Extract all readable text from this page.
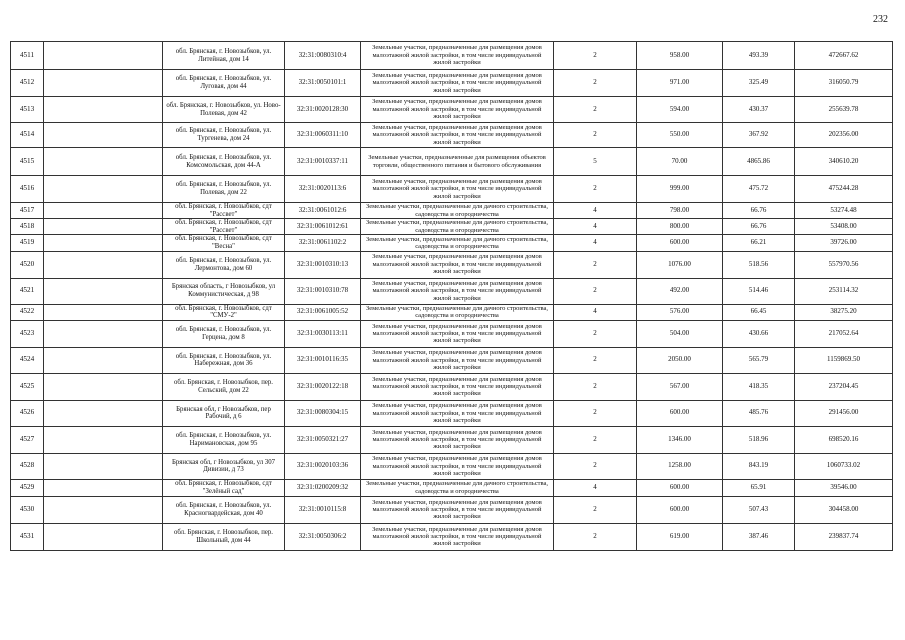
232
4511		обл. Брянская, г. Новозыбков, ул. Литейная, дом 14	32:31:0080310:4	Земельные участки, предназначенные для размещения домов малоэтажной жилой застройки, в том числе индивидуальной жилой застройки	2	958.00	493.39	472667.62
4512		обл. Брянская, г. Новозыбков, ул. Луговая, дом 44	32:31:0050101:1	Земельные участки, предназначенные для размещения домов малоэтажной жилой застройки, в том числе индивидуальной жилой застройки	2	971.00	325.49	316050.79
4513		обл. Брянская, г. Новозыбков, ул. Ново-Полевая, дом 42	32:31:0020128:30	Земельные участки, предназначенные для размещения домов малоэтажной жилой застройки, в том числе индивидуальной жилой застройки	2	594.00	430.37	255639.78
4514		обл. Брянская, г. Новозыбков, ул. Тургенева, дом 24	32:31:0060311:10	Земельные участки, предназначенные для размещения домов малоэтажной жилой застройки, в том числе индивидуальной жилой застройки	2	550.00	367.92	202356.00
4515		обл. Брянская, г. Новозыбков, ул. Комсомольская, дом 44-А	32:31:0010337:11	Земельные участки, предназначенные для размещения объектов торговли, общественного питания и бытового обслуживания	5	70.00	4865.86	340610.20
4516		обл. Брянская, г. Новозыбков, ул. Полевая, дом 22	32:31:0020113:6	Земельные участки, предназначенные для размещения домов малоэтажной жилой застройки, в том числе индивидуальной жилой застройки	2	999.00	475.72	475244.28
4517		обл. Брянская, г. Новозыбков, сдт "Рассвет"	32:31:0061012:6	Земельные участки, предназначенные для дачного строительства, садоводства и огородничества	4	798.00	66.76	53274.48
4518		обл. Брянская, г. Новозыбков, сдт "Рассвет"	32:31:0061012:61	Земельные участки, предназначенные для дачного строительства, садоводства и огородничества	4	800.00	66.76	53408.00
4519		обл. Брянская, г. Новозыбков, сдт "Весна"	32:31:0061102:2	Земельные участки, предназначенные для дачного строительства, садоводства и огородничества	4	600.00	66.21	39726.00
4520		обл. Брянская, г. Новозыбков, ул. Лермонтова, дом 60	32:31:0010310:13	Земельные участки, предназначенные для размещения домов малоэтажной жилой застройки, в том числе индивидуальной жилой застройки	2	1076.00	518.56	557970.56
4521		Брянская область, г Новозыбков, ул Коммунистическая, д 98	32:31:0010310:78	Земельные участки, предназначенные для размещения домов малоэтажной жилой застройки, в том числе индивидуальной жилой застройки	2	492.00	514.46	253114.32
4522		обл. Брянская, г. Новозыбков, сдт "СМУ-2"	32:31:0061005:52	Земельные участки, предназначенные для дачного строительства, садоводства и огородничества	4	576.00	66.45	38275.20
4523		обл. Брянская, г. Новозыбков, ул. Герцена, дом 8	32:31:0030113:11	Земельные участки, предназначенные для размещения домов малоэтажной жилой застройки, в том числе индивидуальной жилой застройки	2	504.00	430.66	217052.64
4524		обл. Брянская, г. Новозыбков, ул. Набережная, дом 36	32:31:0010116:35	Земельные участки, предназначенные для размещения домов малоэтажной жилой застройки, в том числе индивидуальной жилой застройки	2	2050.00	565.79	1159869.50
4525		обл. Брянская, г. Новозыбков, пер. Сельский, дом 22	32:31:0020122:18	Земельные участки, предназначенные для размещения домов малоэтажной жилой застройки, в том числе индивидуальной жилой застройки	2	567.00	418.35	237204.45
4526		Брянская обл, г Новозыбков, пер Рабочий, д 6	32:31:0080304:15	Земельные участки, предназначенные для размещения домов малоэтажной жилой застройки, в том числе индивидуальной жилой застройки	2	600.00	485.76	291456.00
4527		обл. Брянская, г. Новозыбков, ул. Наримановская, дом 95	32:31:0050321:27	Земельные участки, предназначенные для размещения домов малоэтажной жилой застройки, в том числе индивидуальной жилой застройки	2	1346.00	518.96	698520.16
4528		Брянская обл, г Новозыбков, ул 307 Дивизии, д 73	32:31:0020103:36	Земельные участки, предназначенные для размещения домов малоэтажной жилой застройки, в том числе индивидуальной жилой застройки	2	1258.00	843.19	1060733.02
4529		обл. Брянская, г. Новозыбков, сдт "Зелёный сад"	32:31:0200209:32	Земельные участки, предназначенные для дачного строительства, садоводства и огородничества	4	600.00	65.91	39546.00
4530		обл. Брянская, г. Новозыбков, ул. Красногвардейская, дом 40	32:31:0010115:8	Земельные участки, предназначенные для размещения домов малоэтажной жилой застройки, в том числе индивидуальной жилой застройки	2	600.00	507.43	304458.00
4531		обл. Брянская, г. Новозыбков, пер. Школьный, дом 44	32:31:0050306:2	Земельные участки, предназначенные для размещения домов малоэтажной жилой застройки, в том числе индивидуальной жилой застройки	2	619.00	387.46	239837.74
